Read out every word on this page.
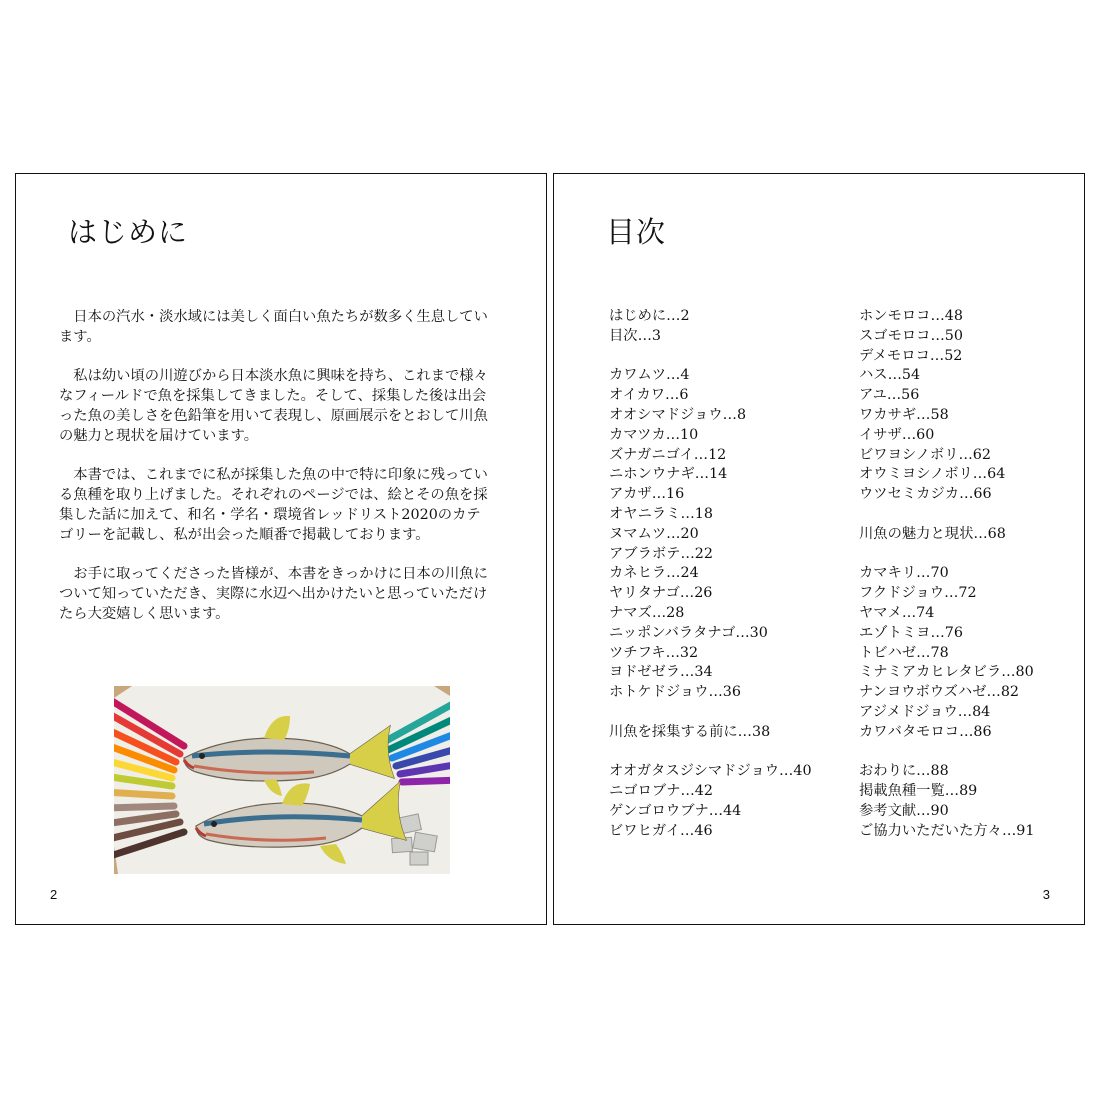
はじめに

日本の汽水・淡水域には美しく面白い魚たちが数多く生息しています。

私は幼い頃の川遊びから日本淡水魚に興味を持ち、これまで様々なフィールドで魚を採集してきました。そして、採集した後は出会った魚の美しさを色鉛筆を用いて表現し、原画展示をとおして川魚の魅力と現状を届けています。

本書では、これまでに私が採集した魚の中で特に印象に残っている魚種を取り上げました。それぞれのページでは、絵とその魚を採集した話に加えて、和名・学名・環境省レッドリスト2020のカテゴリーを記載し、私が出会った順番で掲載しております。

お手に取ってくださった皆様が、本書をきっかけに日本の川魚について知っていただき、実際に水辺へ出かけたいと思っていただけたら大変嬉しく思います。

2
目次
はじめに…2
目次…3
カワムツ…4
オイカワ…6
オオシマドジョウ…8
カマツカ…10
ズナガニゴイ…12
ニホンウナギ…14
アカザ…16
オヤニラミ…18
ヌマムツ…20
アブラボテ…22
カネヒラ…24
ヤリタナゴ…26
ナマズ…28
ニッポンバラタナゴ…30
ツチフキ…32
ヨドゼゼラ…34
ホトケドジョウ…36
川魚を採集する前に…38
オオガタスジシマドジョウ…40
ニゴロブナ…42
ゲンゴロウブナ…44
ビワヒガイ…46
ホンモロコ…48
スゴモロコ…50
デメモロコ…52
ハス…54
アユ…56
ワカサギ…58
イサザ…60
ビワヨシノボリ…62
オウミヨシノボリ…64
ウツセミカジカ…66
川魚の魅力と現状…68
カマキリ…70
フクドジョウ…72
ヤマメ…74
エゾトミヨ…76
トビハゼ…78
ミナミアカヒレタビラ…80
ナンヨウボウズハゼ…82
アジメドジョウ…84
カワバタモロコ…86
おわりに…88
掲載魚種一覧…89
参考文献…90
ご協力いただいた方々…91
3
